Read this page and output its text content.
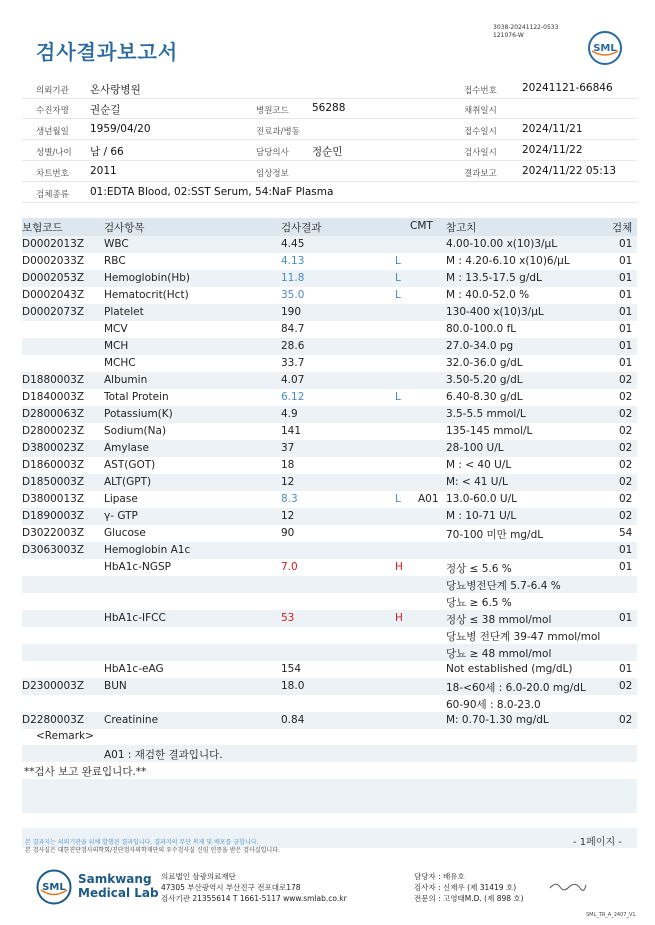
3038-20241122-0533
121076-W
검사결과보고서	SML
의뢰기관 온사랑병원	접수번호 20241121-66846
수진자명 권순길	병원코드 56288	채취일시
생년월일 1959/04/20	진료과/병동	접수일시 2024/11/21
성별/나이 남 / 66	담당의사 정순민	검사일시 2024/11/22
차트번호 2011	임상정보	결과보고 2024/11/22 05:13
검체종류 01:EDTA Blood, 02:SST Serum, 54:NaF Plasma
보험코드	검사항목	검사결과	CMT 참고치	검체
D0002013Z WBC	4.45	4.00-10.00 x(10)3/μL	01
D0002033Z RBC	4.13	L	M : 4.20-6.10 x(10)6/μL	01
D0002053Z Hemoglobin(Hb)	11.8	L	M : 13.5-17.5 g/dL	01
D0002043Z Hematocrit(Hct)	35.0	L	M : 40.0-52.0 %	01
D0002073Z Platelet	190	130-400 x(10)3/μL	01
MCV	84.7	80.0-100.0 fL	01
MCH	28.6	27.0-34.0 pg	01
MCHC	33.7	32.0-36.0 g/dL	01
D1880003Z Albumin	4.07	3.50-5.20 g/dL	02
D1840003Z Total Protein	6.12	L	6.40-8.30 g/dL	02
D2800063Z Potassium(K)	4.9	3.5-5.5 mmol/L	02
D2800023Z Sodium(Na)	141	135-145 mmol/L	02
D3800023Z Amylase	37	28-100 U/L	02
D1860003Z AST(GOT)	18	M : < 40 U/L	02
D1850003Z ALT(GPT)	12	M: < 41 U/L	02
D3800013Z Lipase	8.3	L A01 13.0-60.0 U/L	02
D1890003Z γ- GTP	12	M : 10-71 U/L	02
D3022003Z Glucose	90	70-100 미만 mg/dL	54
D3063003Z Hemoglobin A1c	01
HbA1c-NGSP	7.0	H	정상 ≤ 5.6 %	01
당뇨병전단계 5.7-6.4 %
당뇨 ≥ 6.5 %
HbA1c-IFCC	53	H	정상 ≤ 38 mmol/mol	01
당뇨병 전단계 39-47 mmol/mol
당뇨 ≥ 48 mmol/mol
HbA1c-eAG	154	Not established (mg/dL)	01
D2300003Z BUN	18.0	18-<60세 : 6.0-20.0 mg/dL	02
60-90세 : 8.0-23.0
D2280003Z Creatinine	0.84	M: 0.70-1.30 mg/dL	02
<Remark>
A01 : 재검한 결과입니다.
**검사 보고 완료입니다.**
- 1페이지 -
본 결과지는 의뢰기관을 위해 발행된 결과입니다. 결과지의 무단 복제 및 배포를 금합니다.
본 검사실은 대한진단검사의학회/진단검사의학재단의 우수검사실 신임 인증을 받은 검사실입니다.
SML
Samkwang
Medical Lab
의료법인 삼광의료재단
47305 부산광역시 부산진구 전포대로178
검사기관 21355614 T 1661-5117 www.smlab.co.kr
담당자 : 배유호
검사자 : 신재우 (제 31419 호)
전문의 : 고영태M.D. (제 898 호)
SML_TR_A_2407_V1
